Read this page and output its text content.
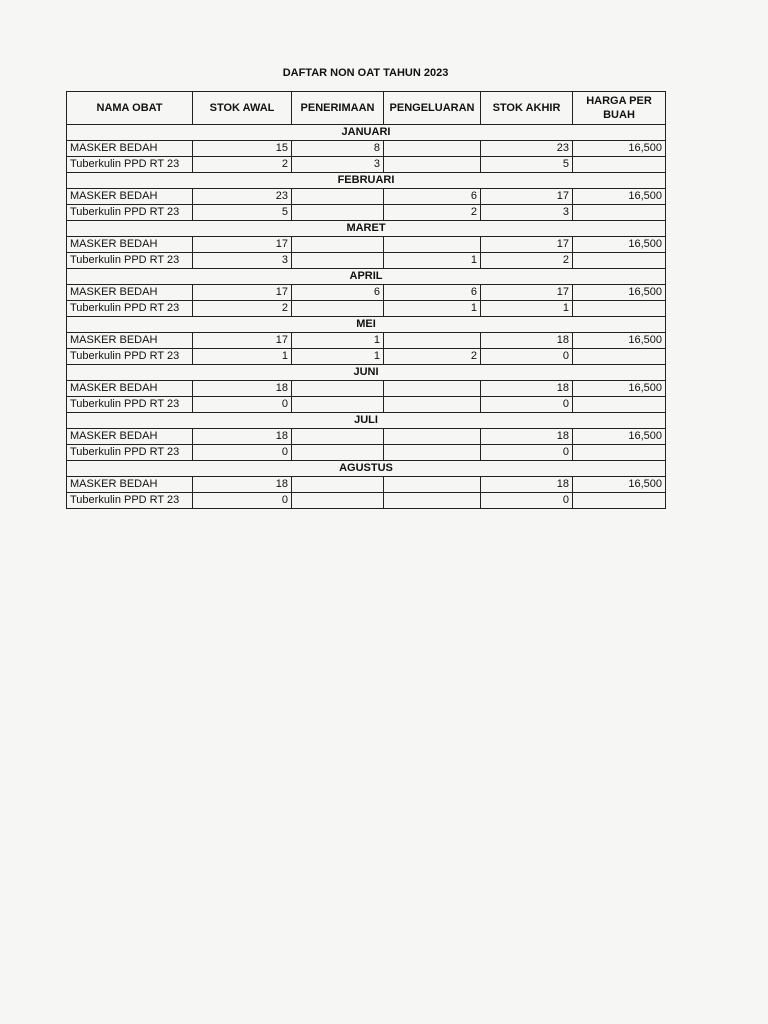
DAFTAR NON OAT TAHUN 2023
NAMA OBAT	STOK AWAL	PENERIMAAN	PENGELUARAN	STOK AKHIR	HARGA PER BUAH
JANUARI					
MASKER BEDAH	15	8		23	16,500
Tuberkulin PPD RT 23	2	3		5	
FEBRUARI					
MASKER BEDAH	23		6	17	16,500
Tuberkulin PPD RT 23	5		2	3	
MARET					
MASKER BEDAH	17			17	16,500
Tuberkulin PPD RT 23	3		1	2	
APRIL					
MASKER BEDAH	17	6	6	17	16,500
Tuberkulin PPD RT 23	2		1	1	
MEI					
MASKER BEDAH	17	1		18	16,500
Tuberkulin PPD RT 23	1	1	2	0	
JUNI					
MASKER BEDAH	18			18	16,500
Tuberkulin PPD RT 23	0			0	
JULI					
MASKER BEDAH	18			18	16,500
Tuberkulin PPD RT 23	0			0	
AGUSTUS					
MASKER BEDAH	18			18	16,500
Tuberkulin PPD RT 23	0			0	
